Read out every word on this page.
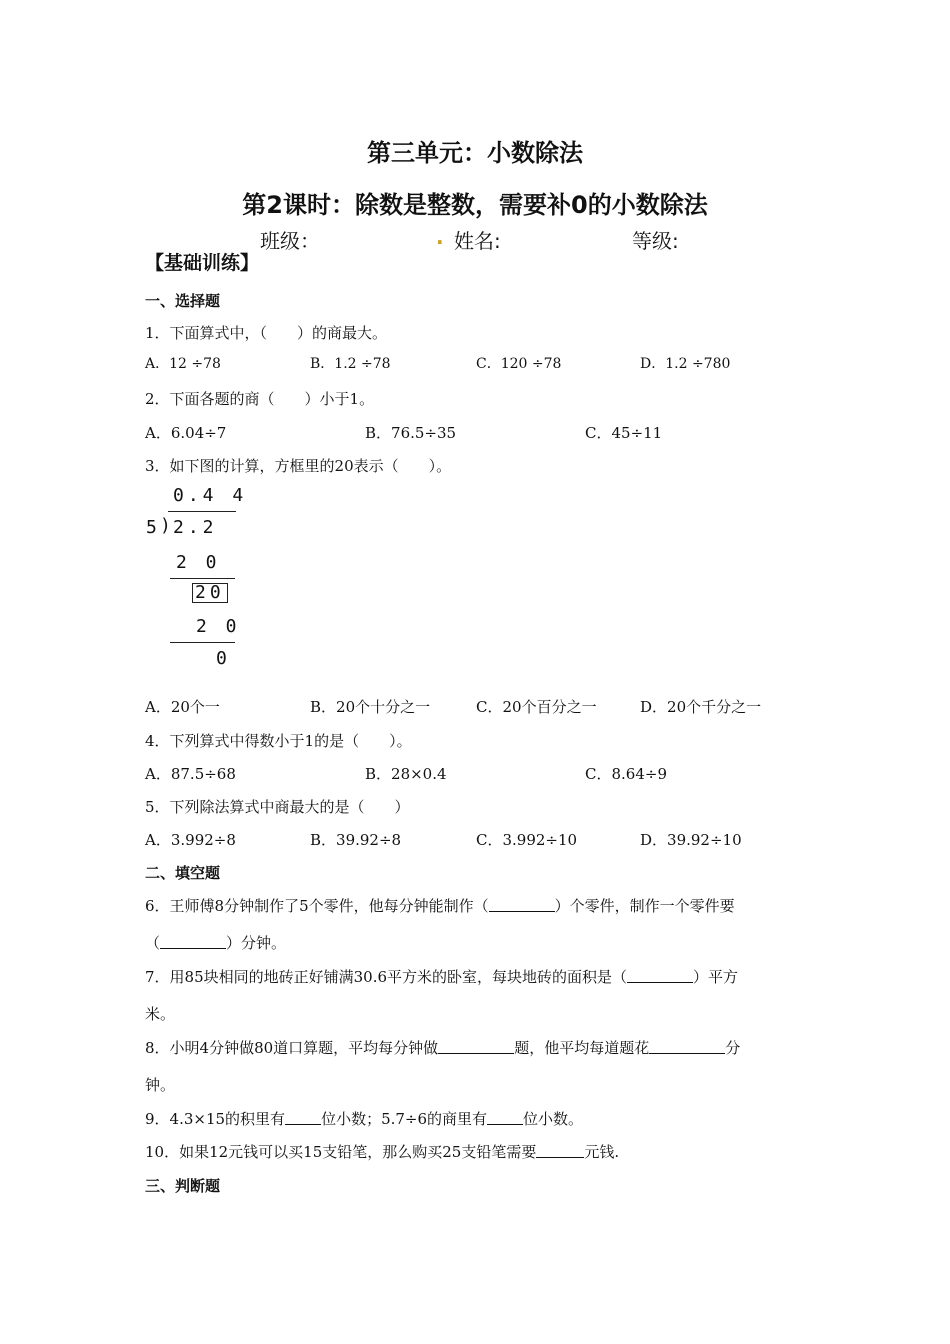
第三单元：小数除法
第2课时：除数是整数，需要补0的小数除法
班级：	. 姓名:	等级:
【基础训练】
一、选择题
1．下面算式中，（　　）的商最大。
A．12 ÷78	B．1.2 ÷78	C．120 ÷78	D．1.2 ÷780
2．下面各题的商（　　）小于1。
A．6.04÷7	B．76.5÷35	C．45÷11
3．如下图的计算，方框里的20表示（　　）。
0.4 4
5 ) 2.2
2 0
20
2 0
0
A．20个一	B．20个十分之一	C．20个百分之一	D．20个千分之一
4．下列算式中得数小于1的是（　　）。
A．87.5÷68	B．28×0.4	C．8.64÷9
5．下列除法算式中商最大的是（　　）
A．3.992÷8	B．39.92÷8	C．3.992÷10	D．39.92÷10
二、填空题
6．王师傅8分钟制作了5个零件，他每分钟能制作（	）个零件，制作一个零件要
（	）分钟。
7．用85块相同的地砖正好铺满30.6平方米的卧室，每块地砖的面积是（	）平方
米。
8．小明4分钟做80道口算题，平均每分钟做	题，他平均每道题花	分
钟。
9．4.3×15的积里有 位小数；5.7÷6的商里有 位小数。
10．如果12元钱可以买15支铅笔，那么购买25支铅笔需要	元钱.
三、判断题
